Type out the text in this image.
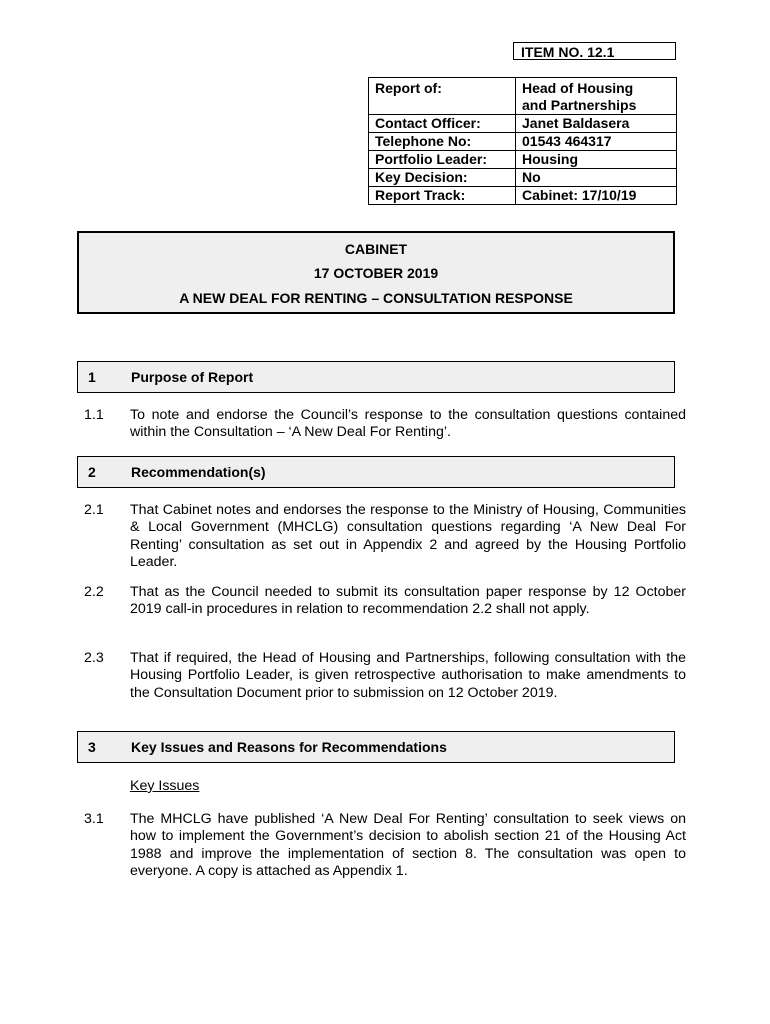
ITEM NO. 12.1
Report of:	Head of Housing
and Partnerships
Contact Officer:	Janet Baldasera
Telephone No:	01543 464317
Portfolio Leader:	Housing
Key Decision:	No
Report Track:	Cabinet: 17/10/19
CABINET
17 OCTOBER 2019
A NEW DEAL FOR RENTING – CONSULTATION RESPONSE
1	Purpose of Report
1.1 To note and endorse the Council’s response to the consultation questions contained within the Consultation – ‘A New Deal For Renting’.
2	Recommendation(s)
2.1 That Cabinet notes and endorses the response to the Ministry of Housing, Communities & Local Government (MHCLG) consultation questions regarding ‘A New Deal For Renting’ consultation as set out in Appendix 2 and agreed by the Housing Portfolio Leader.
2.2 That as the Council needed to submit its consultation paper response by 12 October 2019 call-in procedures in relation to recommendation 2.2 shall not apply.
2.3 That if required, the Head of Housing and Partnerships, following consultation with the Housing Portfolio Leader, is given retrospective authorisation to make amendments to the Consultation Document prior to submission on 12 October 2019.
3	Key Issues and Reasons for Recommendations
Key Issues
3.1 The MHCLG have published ‘A New Deal For Renting’ consultation to seek views on how to implement the Government’s decision to abolish section 21 of the Housing Act 1988 and improve the implementation of section 8. The consultation was open to everyone. A copy is attached as Appendix 1.
